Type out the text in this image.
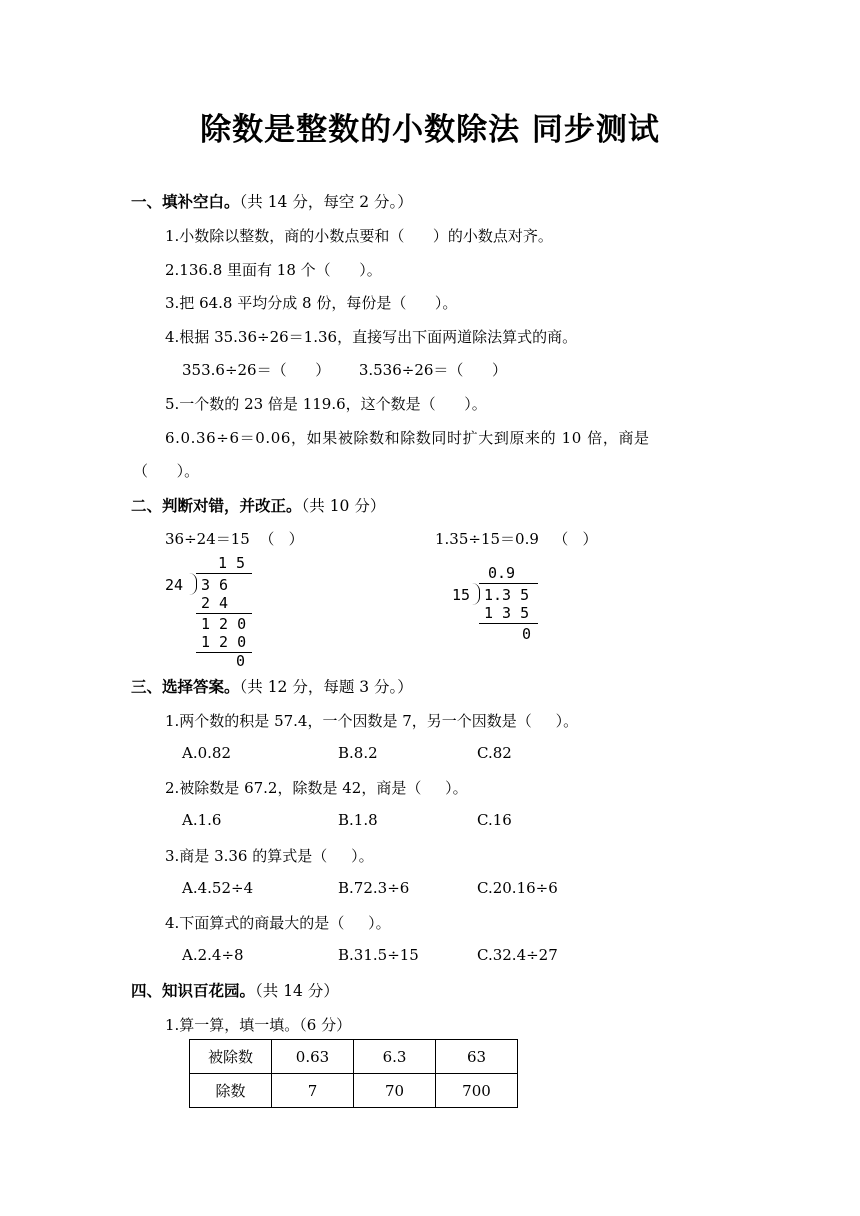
除数是整数的小数除法 同步测试
一、填补空白。（共 14 分，每空 2 分。）
1.小数除以整数，商的小数点要和（      ）的小数点对齐。
2.136.8 里面有 18 个（      ）。
3.把 64.8 平均分成 8 份，每份是（      ）。
4.根据 35.36÷26＝1.36，直接写出下面两道除法算式的商。
353.6÷26＝（      ）      3.536÷26＝（      ）
5.一个数的 23 倍是 119.6，这个数是（      ）。
6.0.36÷6＝0.06，如果被除数和除数同时扩大到原来的 10 倍，商是
（      ）。
二、判断对错，并改正。（共 10 分）
36÷24＝15  （   ）	1.35÷15＝0.9   （   ）
1 5
24 3 6
2 4
1 2 0
1 2 0
0
0.9
15 1.3 5
1 3 5
0
三、选择答案。（共 12 分，每题 3 分。）
1.两个数的积是 57.4，一个因数是 7，另一个因数是（     ）。
A.0.82	B.8.2	C.82
2.被除数是 67.2，除数是 42，商是（     ）。
A.1.6	B.1.8	C.16
3.商是 3.36 的算式是（     ）。
A.4.52÷4	B.72.3÷6	C.20.16÷6
4.下面算式的商最大的是（     ）。
A.2.4÷8	B.31.5÷15	C.32.4÷27
四、知识百花园。（共 14 分）
1.算一算，填一填。（6 分）
被除数	0.63	6.3	63
除数	7	70	700
